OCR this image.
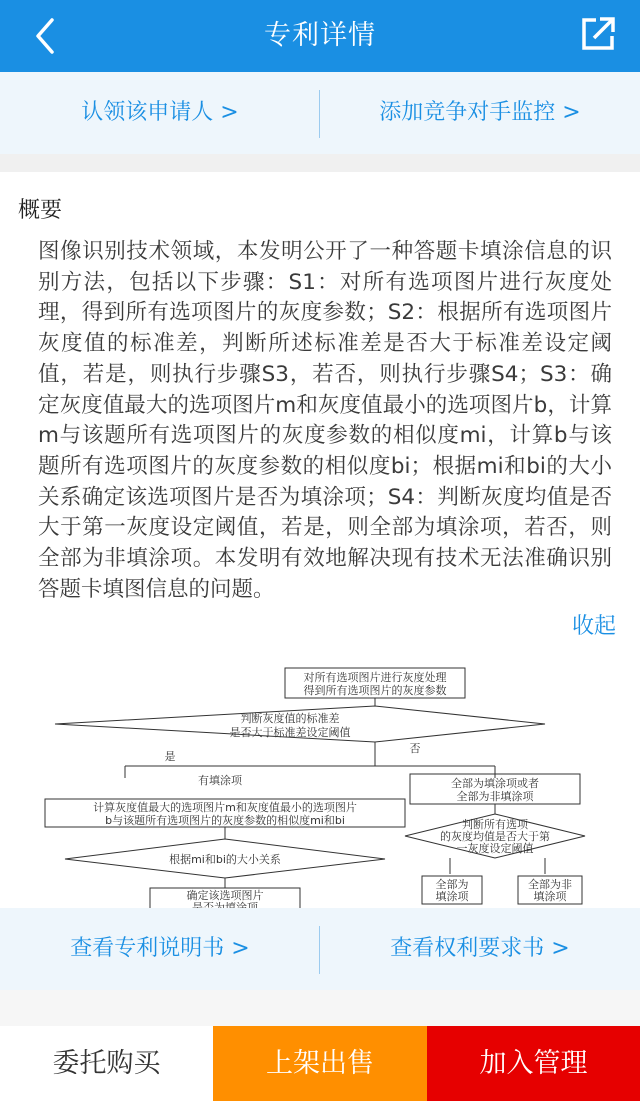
专利详情
认领该申请人 >	添加竞争对手监控 >
概要
图像识别技术领域，本发明公开了一种答题卡填涂信息的识别方法，包括以下步骤：S1：对所有选项图片进行灰度处理，得到所有选项图片的灰度参数；S2：根据所有选项图片灰度值的标准差，判断所述标准差是否大于标准差设定阈值，若是，则执行步骤S3，若否，则执行步骤S4；S3：确定灰度值最大的选项图片m和灰度值最小的选项图片b，计算m与该题所有选项图片的灰度参数的相似度mi，计算b与该题所有选项图片的灰度参数的相似度bi；根据mi和bi的大小关系确定该选项图片是否为填涂项；S4：判断灰度均值是否大于第一灰度设定阈值，若是，则全部为填涂项，若否，则全部为非填涂项。本发明有效地解决现有技术无法准确识别答题卡填图信息的问题。
收起
对所有选项图片进行灰度处理
得到所有选项图片的灰度参数
判断灰度值的标准差
是否大于标准差设定阈值
是
否
有填涂项
计算灰度值最大的选项图片m和灰度值最小的选项图片
b与该题所有选项图片的灰度参数的相似度mi和bi
根据mi和bi的大小关系
确定该选项图片
全部为填涂项或者
全部为非填涂项
判断所有选项
的灰度均值是否大于第
一灰度设定阈值
全部为
填涂项
全部为非
填涂项
查看专利说明书 >	查看权利要求书 >
委托购买	上架出售	加入管理
